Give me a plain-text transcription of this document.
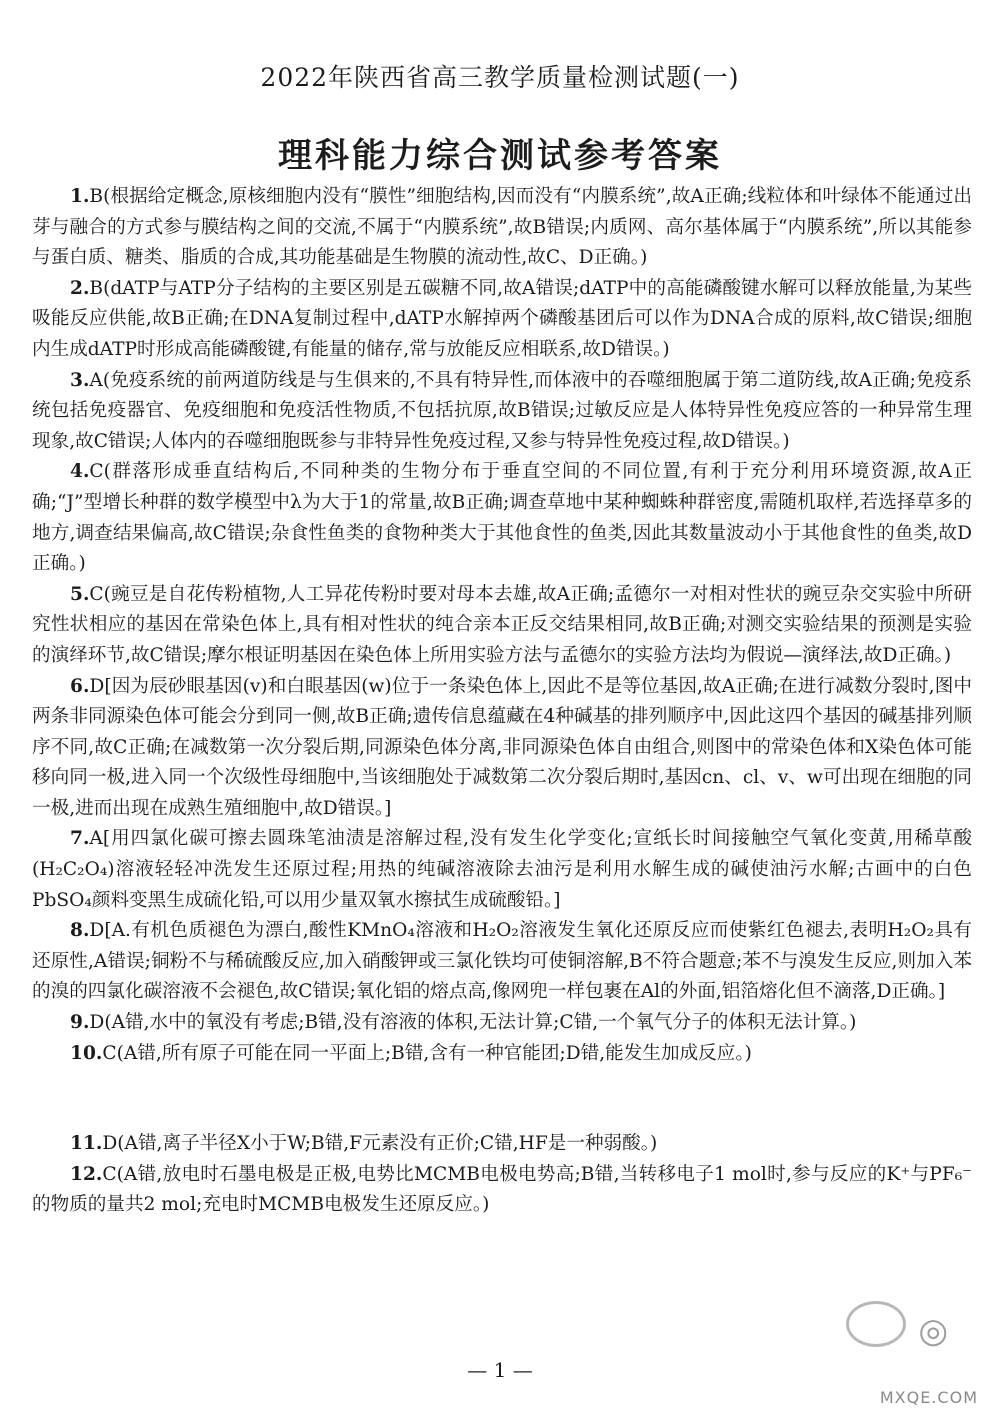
2022年陕西省高三教学质量检测试题(一)
理科能力综合测试参考答案

1.B(根据给定概念,原核细胞内没有“膜性”细胞结构,因而没有“内膜系统”,故A正确;线粒体和叶绿体不能通过出芽与融合的方式参与膜结构之间的交流,不属于“内膜系统”,故B错误;内质网、高尔基体属于“内膜系统”,所以其能参与蛋白质、糖类、脂质的合成,其功能基础是生物膜的流动性,故C、D正确。)

2.B(dATP与ATP分子结构的主要区别是五碳糖不同,故A错误;dATP中的高能磷酸键水解可以释放能量,为某些吸能反应供能,故B正确;在DNA复制过程中,dATP水解掉两个磷酸基团后可以作为DNA合成的原料,故C错误;细胞内生成dATP时形成高能磷酸键,有能量的储存,常与放能反应相联系,故D错误。)

3.A(免疫系统的前两道防线是与生俱来的,不具有特异性,而体液中的吞噬细胞属于第二道防线,故A正确;免疫系统包括免疫器官、免疫细胞和免疫活性物质,不包括抗原,故B错误;过敏反应是人体特异性免疫应答的一种异常生理现象,故C错误;人体内的吞噬细胞既参与非特异性免疫过程,又参与特异性免疫过程,故D错误。)

4.C(群落形成垂直结构后,不同种类的生物分布于垂直空间的不同位置,有利于充分利用环境资源,故A正确;“J”型增长种群的数学模型中λ为大于1的常量,故B正确;调查草地中某种蜘蛛种群密度,需随机取样,若选择草多的地方,调查结果偏高,故C错误;杂食性鱼类的食物种类大于其他食性的鱼类,因此其数量波动小于其他食性的鱼类,故D正确。)

5.C(豌豆是自花传粉植物,人工异花传粉时要对母本去雄,故A正确;孟德尔一对相对性状的豌豆杂交实验中所研究性状相应的基因在常染色体上,具有相对性状的纯合亲本正反交结果相同,故B正确;对测交实验结果的预测是实验的演绎环节,故C错误;摩尔根证明基因在染色体上所用实验方法与孟德尔的实验方法均为假说—演绎法,故D正确。)

6.D[因为辰砂眼基因(v)和白眼基因(w)位于一条染色体上,因此不是等位基因,故A正确;在进行减数分裂时,图中两条非同源染色体可能会分到同一侧,故B正确;遗传信息蕴藏在4种碱基的排列顺序中,因此这四个基因的碱基排列顺序不同,故C正确;在减数第一次分裂后期,同源染色体分离,非同源染色体自由组合,则图中的常染色体和X染色体可能移向同一极,进入同一个次级性母细胞中,当该细胞处于减数第二次分裂后期时,基因cn、cl、v、w可出现在细胞的同一极,进而出现在成熟生殖细胞中,故D错误。]

7.A[用四氯化碳可擦去圆珠笔油渍是溶解过程,没有发生化学变化;宣纸长时间接触空气氧化变黄,用稀草酸(H₂C₂O₄)溶液轻轻冲洗发生还原过程;用热的纯碱溶液除去油污是利用水解生成的碱使油污水解;古画中的白色PbSO₄颜料变黑生成硫化铅,可以用少量双氧水擦拭生成硫酸铅。]

8.D[A.有机色质褪色为漂白,酸性KMnO₄溶液和H₂O₂溶液发生氧化还原反应而使紫红色褪去,表明H₂O₂具有还原性,A错误;铜粉不与稀硫酸反应,加入硝酸钾或三氯化铁均可使铜溶解,B不符合题意;苯不与溴发生反应,则加入苯的溴的四氯化碳溶液不会褪色,故C错误;氧化铝的熔点高,像网兜一样包裹在Al的外面,铝箔熔化但不滴落,D正确。]

9.D(A错,水中的氧没有考虑;B错,没有溶液的体积,无法计算;C错,一个氧气分子的体积无法计算。)

10.C(A错,所有原子可能在同一平面上;B错,含有一种官能团;D错,能发生加成反应。)

11.D(A错,离子半径X小于W;B错,F元素没有正价;C错,HF是一种弱酸。)

12.C(A错,放电时石墨电极是正极,电势比MCMB电极电势高;B错,当转移电子1 mol时,参与反应的K⁺与PF₆⁻的物质的量共2 mol;充电时MCMB电极发生还原反应。)

— 1 —
◎
MXQE.COM
